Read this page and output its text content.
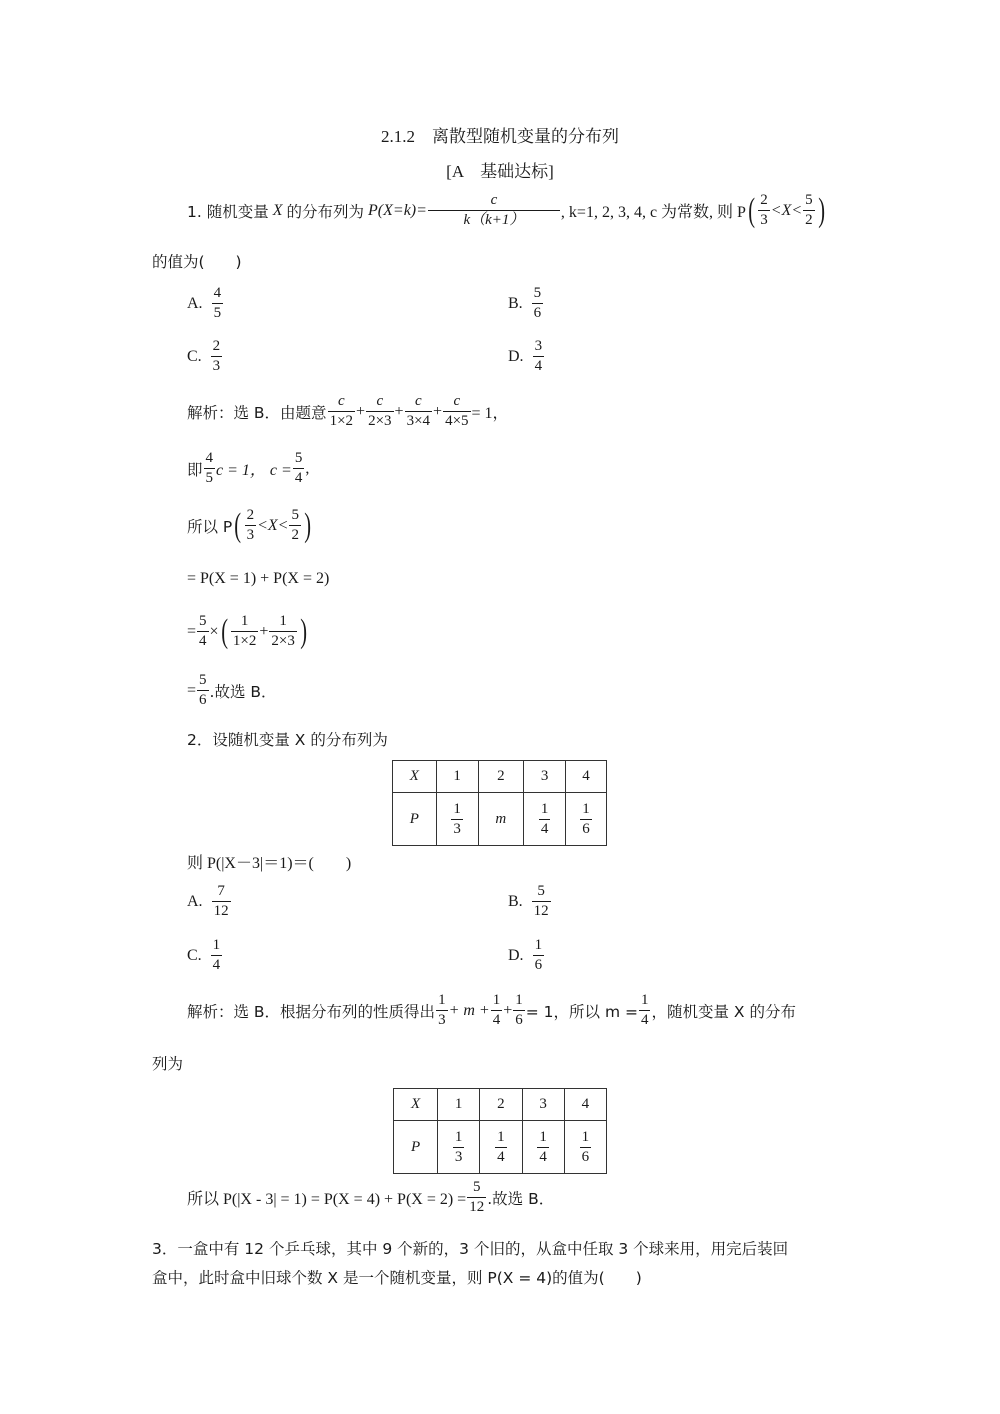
2.1.2　离散型随机变量的分布列
[A　基础达标]
1. 随机变量
X
的分布列为
$P(X=k)= \frac{c}{k(k+1)}$ , k=1, 2, 3, 4, c 为常数, 则 P ( $\frac{2}{3} <X< \frac{5}{2}$ )
的值为(　　)
A.
$\frac{4}{5}$	B.
$\frac{5}{6}$
C.
$\frac{2}{3}$	D.
$\frac{3}{4}$
解析：选 B．由题意 $\frac{c}{1\times 2} + \frac{c}{2\times 3} + \frac{c}{3\times 4} + \frac{c}{4\times 5} = 1$，
即 $\frac{4}{5}$ c = 1， $c = \frac{5}{4}$ ,
所以 P ( $\frac{2}{3} <X< \frac{5}{2}$ )
= P(X = 1) + P(X = 2)
= $\frac{5}{4}$ × ( $\frac{1}{1\times 2} + \frac{1}{2\times 3}$ )
= $\frac{5}{6}$ .故选 B．
2．设随机变量 X 的分布列为
X	1	2	3	4
P	$\frac{1}{3}$	m	$\frac{1}{4}$	$\frac{1}{6}$
则 P(|X－3|＝1)＝(　　)
A.
$\frac{7}{12}$	B.
$\frac{5}{12}$
C.
$\frac{1}{4}$	D.
$\frac{1}{6}$
解析：选 B．根据分布列的性质得出 $\frac{1}{3} + m + \frac{1}{4} + \frac{1}{6} = 1$，所以 $m = \frac{1}{4}$ ，随机变量 X 的分布
列为
X	1	2	3	4
P	$\frac{1}{3}$	$\frac{1}{4}$	$\frac{1}{4}$	$\frac{1}{6}$
所以 $P(|X - 3| = 1) = P(X = 4) + P(X = 2) = \frac{5}{12}$ .故选 B．
3．一盒中有 12 个乒乓球，其中 9 个新的，3 个旧的，从盒中任取 3 个球来用，用完后装回
盒中，此时盒中旧球个数 X 是一个随机变量，则 P(X = 4)的值为(　　)
